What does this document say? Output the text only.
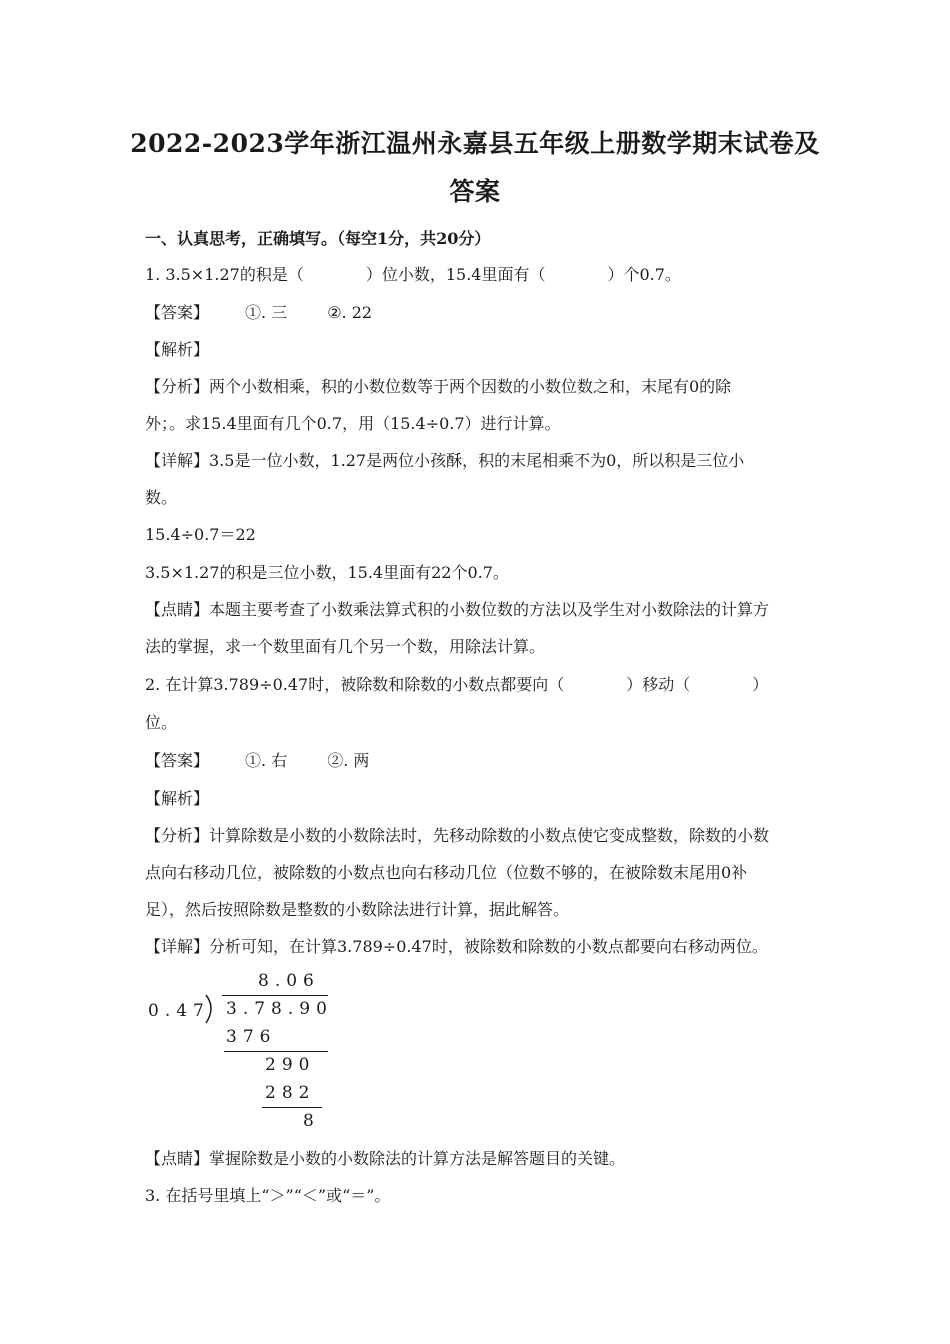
2022-2023学年浙江温州永嘉县五年级上册数学期末试卷及
答案
一、认真思考，正确填写。（每空1分，共20分）
1. 3.5×1.27的积是（	）位小数，15.4里面有（	）个0.7。
【答案】 ①. 三	②. 22
【解析】
【分析】两个小数相乘，积的小数位数等于两个因数的小数位数之和，末尾有0的除
外；。求15.4里面有几个0.7，用（15.4÷0.7）进行计算。
【详解】3.5是一位小数，1.27是两位小孩酥，积的末尾相乘不为0，所以积是三位小
数。
15.4÷0.7＝22
3.5×1.27的积是三位小数，15.4里面有22个0.7。
【点睛】本题主要考查了小数乘法算式积的小数位数的方法以及学生对小数除法的计算方
法的掌握，求一个数里面有几个另一个数，用除法计算。
2. 在计算3.789÷0.47时，被除数和除数的小数点都要向（	）移动（	）
位。
【答案】 ①. 右	②. 两
【解析】
【分析】计算除数是小数的小数除法时，先移动除数的小数点使它变成整数，除数的小数
点向右移动几位，被除数的小数点也向右移动几位（位数不够的，在被除数末尾用0补
足），然后按照除数是整数的小数除法进行计算，据此解答。
【详解】分析可知，在计算3.789÷0.47时，被除数和除数的小数点都要向右移动两位。
8.06
0.47 3.78.90
376
290
282
8
【点睛】掌握除数是小数的小数除法的计算方法是解答题目的关键。
3. 在括号里填上“＞”“＜”或“＝”。
